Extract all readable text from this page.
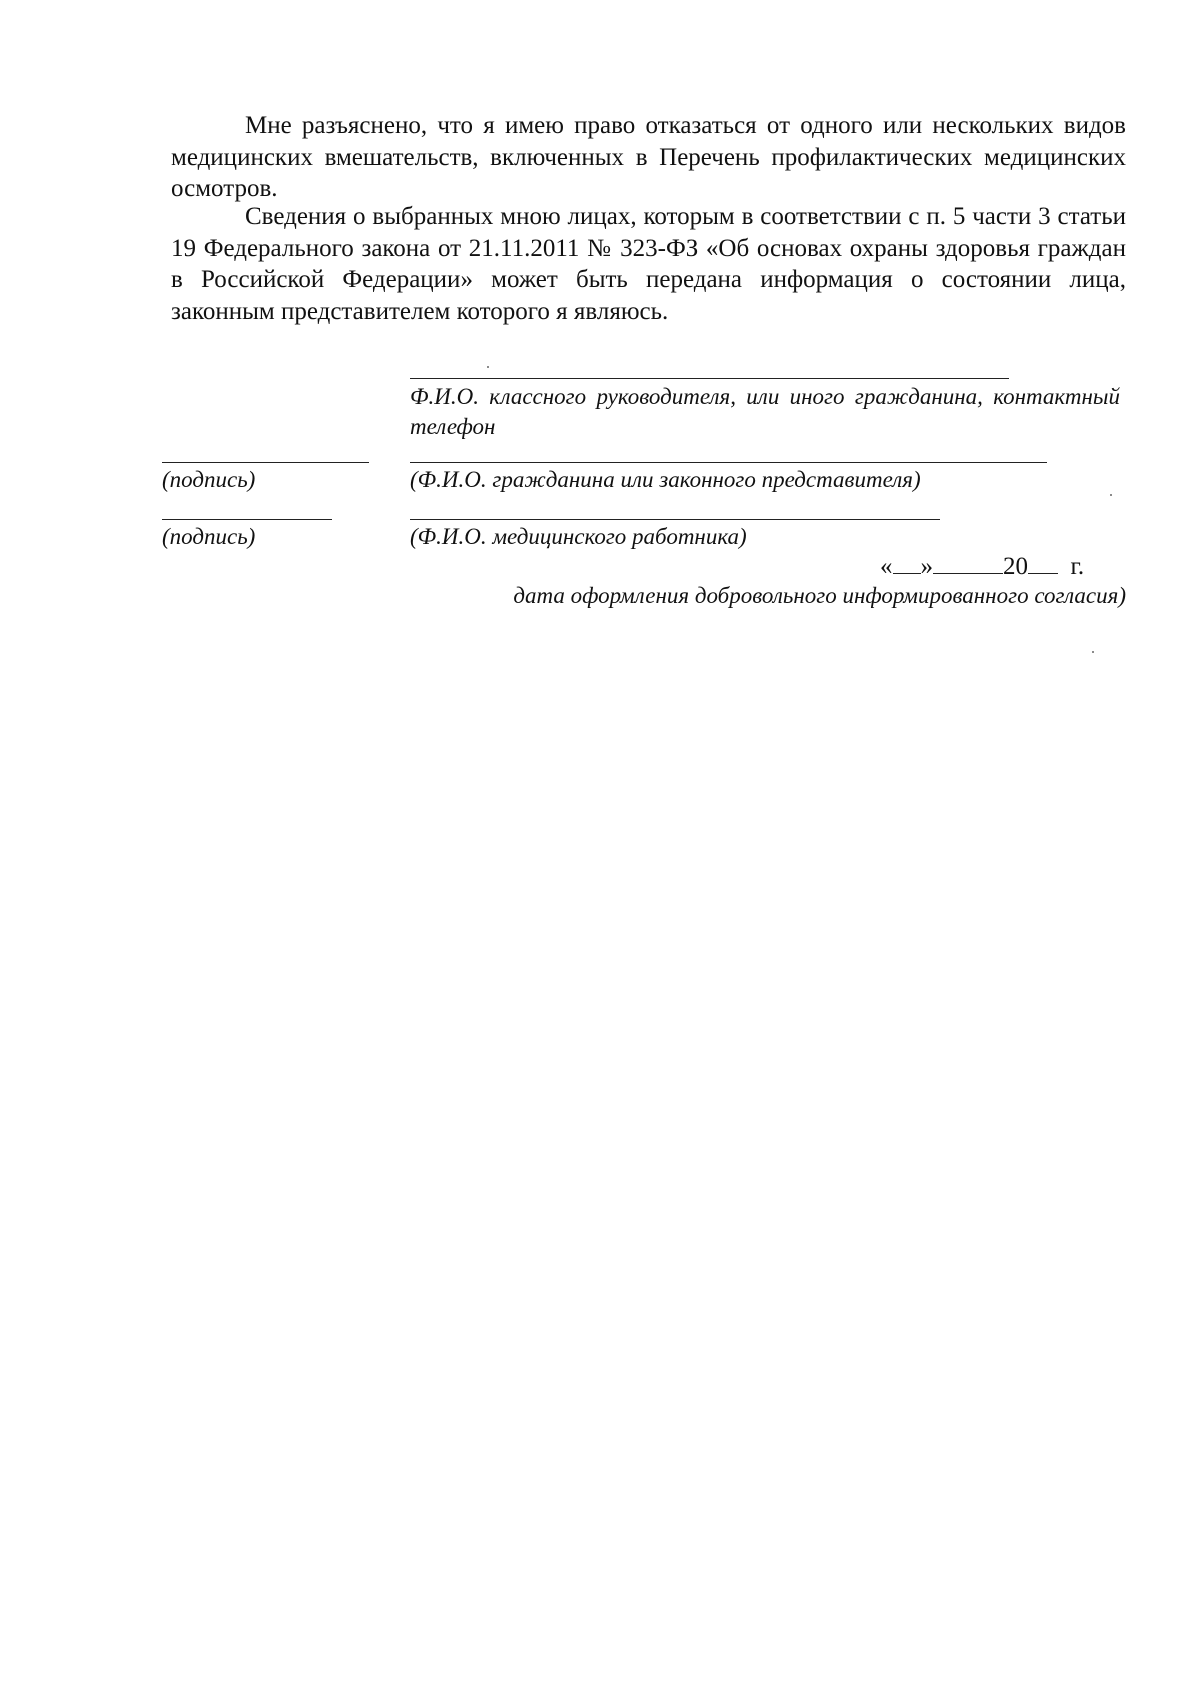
Мне разъяснено, что я имею право отказаться от одного или нескольких видов медицинских вмешательств, включенных в Перечень профилактических медицинских осмотров.

Сведения о выбранных мною лицах, которым в соответствии с п. 5 части 3 статьи 19 Федерального закона от 21.11.2011 № 323-ФЗ «Об основах охраны здоровья граждан в Российской Федерации» может быть передана информация о состоянии лица, законным представителем которого я являюсь.

Ф.И.О. классного руководителя, или иного гражданина, контактный телефон

(подпись)	(Ф.И.О. гражданина или законного представителя)

(подпись)	(Ф.И.О. медицинского работника)

« »	20 г.

дата оформления добровольного информированного согласия)
